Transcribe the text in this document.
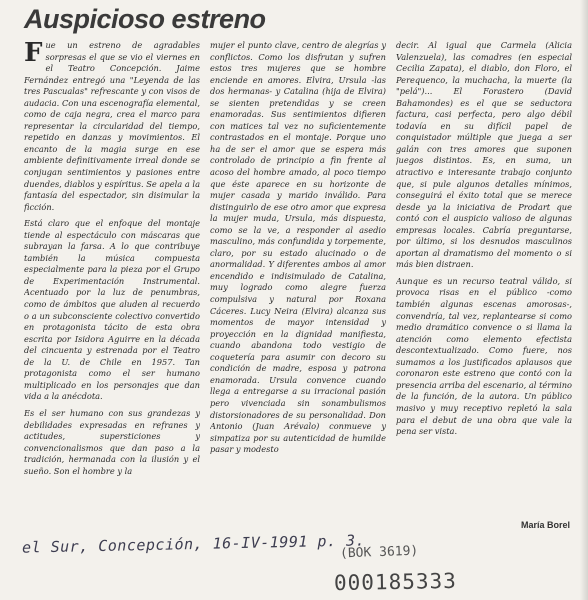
Auspicioso estreno

Fue un estreno de agradables sorpresas el que se vio el viernes en el Teatro Concepción. Jaime Fernández entregó una "Leyenda de las tres Pascualas" refrescante y con visos de audacia. Con una escenografía elemental, como de caja negra, crea el marco para representar la circularidad del tiempo, repetido en danzas y movimientos. El encanto de la magia surge en ese ambiente definitivamente irreal donde se conjugan sentimientos y pasiones entre duendes, diablos y espíritus. Se apela a la fantasía del espectador, sin disimular la ficción.

Está claro que el enfoque del montaje tiende al espectáculo con máscaras que subrayan la farsa. A lo que contribuye también la música compuesta especialmente para la pieza por el Grupo de Experimentación Instrumental. Acentuado por la luz de penumbras, como de ámbitos que aluden al recuerdo o a un subconsciente colectivo convertido en protagonista tácito de esta obra escrita por Isidora Aguirre en la década del cincuenta y estrenada por el Teatro de la U. de Chile en 1957. Tan protagonista como el ser humano multiplicado en los personajes que dan vida a la anécdota.

Es el ser humano con sus grandezas y debilidades expresadas en refranes y actitudes, supersticiones y convencionalismos que dan paso a la tradición, hermanada con la ilusión y el sueño. Son el hombre y la

mujer el punto clave, centro de alegrías y conflictos. Como los disfrutan y sufren estos tres mujeres que se hombre enciende en amores. Elvira, Ursula -las dos hermanas- y Catalina (hija de Elvira) se sienten pretendidas y se creen enamoradas. Sus sentimientos difieren con matices tal vez no suficientemente contrastados en el montaje. Porque uno ha de ser el amor que se espera más controlado de principio a fin frente al acoso del hombre amado, al poco tiempo que éste aparece en su horizonte de mujer casada y marido inválido. Para distinguirlo de ese otro amor que expresa la mujer muda, Ursula, más dispuesta, como se la ve, a responder al asedio masculino, más confundida y torpemente, claro, por su estado alucinado o de anormalidad. Y diferentes ambos al amor encendido e indisimulado de Catalina, muy logrado como alegre fuerza compulsiva y natural por Roxana Cáceres. Lucy Neira (Elvira) alcanza sus momentos de mayor intensidad y proyección en la dignidad manifiesta, cuando abandona todo vestigio de coquetería para asumir con decoro su condición de madre, esposa y patrona enamorada. Ursula convence cuando llega a entregarse a su irracional pasión pero vivenciada sin sonambulismos distorsionadores de su personalidad. Don Antonio (Juan Arévalo) conmueve y simpatiza por su autenticidad de humilde pasar y modesto

decir. Al igual que Carmela (Alicia Valenzuela), las comadres (en especial Cecilia Zapata), el diablo, don Floro, el Perequenco, la muchacha, la muerte (la "pelá")... El Forastero (David Bahamondes) es el que se seductora factura, casi perfecta, pero algo débil todavía en su difícil papel de conquistador múltiple que juega a ser galán con tres amores que suponen juegos distintos. Es, en suma, un atractivo e interesante trabajo conjunto que, si pule algunos detalles mínimos, conseguirá el éxito total que se merece desde ya la iniciativa de Prodart que contó con el auspicio valioso de algunas empresas locales. Cabría preguntarse, por último, si los desnudos masculinos aportan al dramatismo del momento o si más bien distraen.

Aunque es un recurso teatral válido, si provoca risas en el público -como también algunas escenas amorosas-, convendría, tal vez, replantearse si como medio dramático convence o si llama la atención como elemento efectista descontextualizado. Como fuere, nos sumamos a los justificados aplausos que coronaron este estreno que contó con la presencia arriba del escenario, al término de la función, de la autora. Un público masivo y muy receptivo repletó la sala para el debut de una obra que vale la pena ser vista.

María Borel
el Sur, Concepción, 16-IV-1991 p. 3.
( BOK 3619 )
000185333
